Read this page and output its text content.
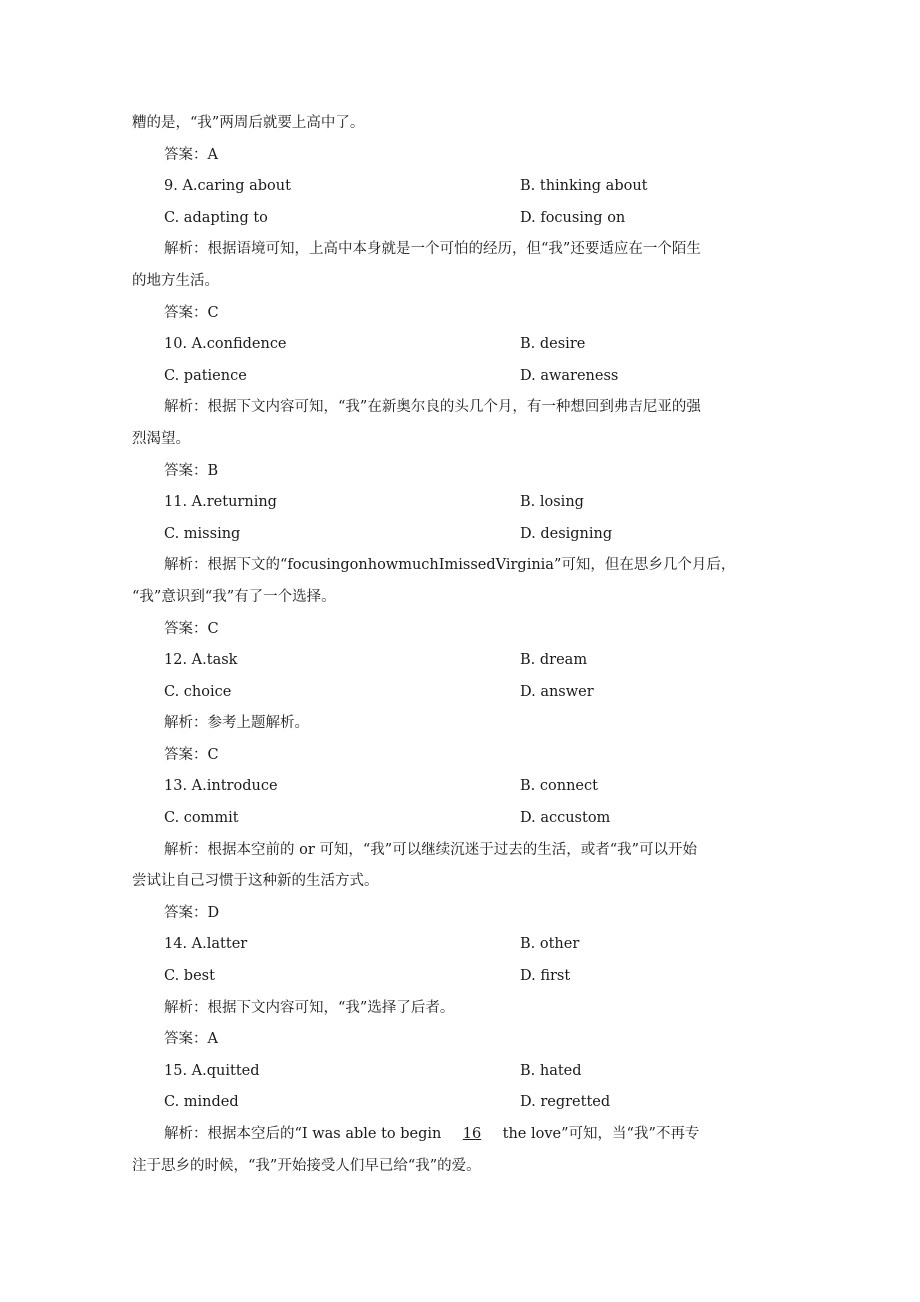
糟的是，“我”两周后就要上高中了。
答案：A
9. A.caring about	B. thinking about
C. adapting to	D. focusing on
解析：根据语境可知，上高中本身就是一个可怕的经历，但“我”还要适应在一个陌生
的地方生活。
答案：C
10. A.confidence	B. desire
C. patience	D. awareness
解析：根据下文内容可知，“我”在新奥尔良的头几个月，有一种想回到弗吉尼亚的强
烈渴望。
答案：B
11. A.returning	B. losing
C. missing	D. designing
解析：根据下文的“focusingonhowmuchImissedVirginia”可知，但在思乡几个月后，
“我”意识到“我”有了一个选择。
答案：C
12. A.task	B. dream
C. choice	D. answer
解析：参考上题解析。
答案：C
13. A.introduce	B. connect
C. commit	D. accustom
解析：根据本空前的 or 可知，“我”可以继续沉迷于过去的生活，或者“我”可以开始
尝试让自己习惯于这种新的生活方式。
答案：D
14. A.latter	B. other
C. best	D. first
解析：根据下文内容可知，“我”选择了后者。
答案：A
15. A.quitted	B. hated
C. minded	D. regretted
解析：根据本空后的“I was able to begin 16 the love”可知，当“我”不再专
注于思乡的时候，“我”开始接受人们早已给“我”的爱。
